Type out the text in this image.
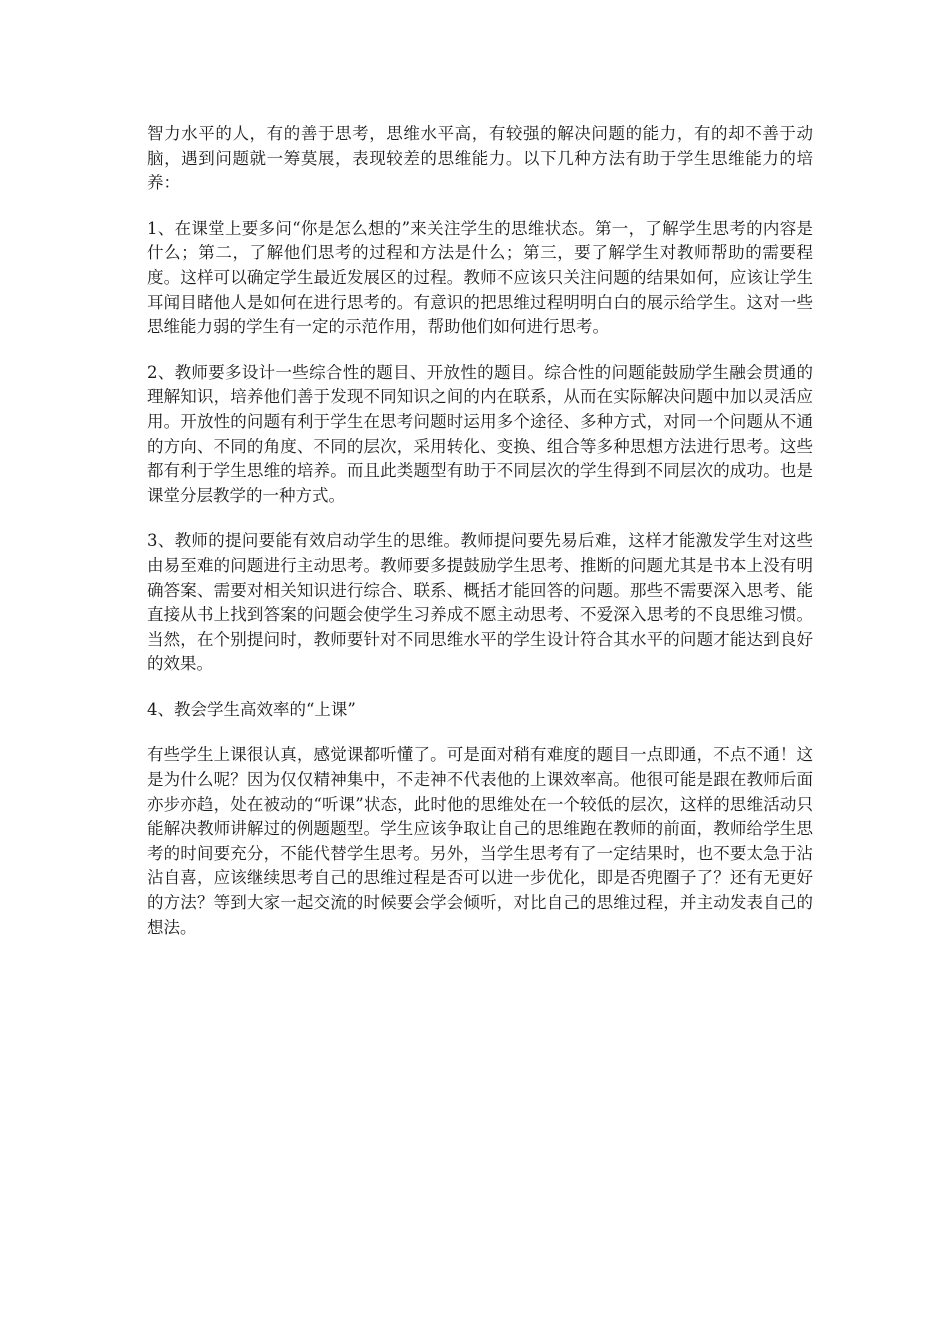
智力水平的人，有的善于思考，思维水平高，有较强的解决问题的能力，有的却不善于动脑，遇到问题就一筹莫展，表现较差的思维能力。以下几种方法有助于学生思维能力的培养：

1、在课堂上要多问“你是怎么想的”来关注学生的思维状态。第一，了解学生思考的内容是什么；第二，了解他们思考的过程和方法是什么；第三，要了解学生对教师帮助的需要程度。这样可以确定学生最近发展区的过程。教师不应该只关注问题的结果如何，应该让学生耳闻目睹他人是如何在进行思考的。有意识的把思维过程明明白白的展示给学生。这对一些思维能力弱的学生有一定的示范作用，帮助他们如何进行思考。

2、教师要多设计一些综合性的题目、开放性的题目。综合性的问题能鼓励学生融会贯通的理解知识，培养他们善于发现不同知识之间的内在联系，从而在实际解决问题中加以灵活应用。开放性的问题有利于学生在思考问题时运用多个途径、多种方式，对同一个问题从不通的方向、不同的角度、不同的层次，采用转化、变换、组合等多种思想方法进行思考。这些都有利于学生思维的培养。而且此类题型有助于不同层次的学生得到不同层次的成功。也是课堂分层教学的一种方式。

3、教师的提问要能有效启动学生的思维。教师提问要先易后难，这样才能激发学生对这些由易至难的问题进行主动思考。教师要多提鼓励学生思考、推断的问题尤其是书本上没有明确答案、需要对相关知识进行综合、联系、概括才能回答的问题。那些不需要深入思考、能直接从书上找到答案的问题会使学生习养成不愿主动思考、不爱深入思考的不良思维习惯。当然，在个别提问时，教师要针对不同思维水平的学生设计符合其水平的问题才能达到良好的效果。

4、教会学生高效率的“上课”

有些学生上课很认真，感觉课都听懂了。可是面对稍有难度的题目一点即通，不点不通！这是为什么呢？因为仅仅精神集中，不走神不代表他的上课效率高。他很可能是跟在教师后面亦步亦趋，处在被动的“听课”状态，此时他的思维处在一个较低的层次，这样的思维活动只能解决教师讲解过的例题题型。学生应该争取让自己的思维跑在教师的前面，教师给学生思考的时间要充分，不能代替学生思考。另外，当学生思考有了一定结果时，也不要太急于沾沾自喜，应该继续思考自己的思维过程是否可以进一步优化，即是否兜圈子了？还有无更好的方法？等到大家一起交流的时候要会学会倾听，对比自己的思维过程，并主动发表自己的想法。
